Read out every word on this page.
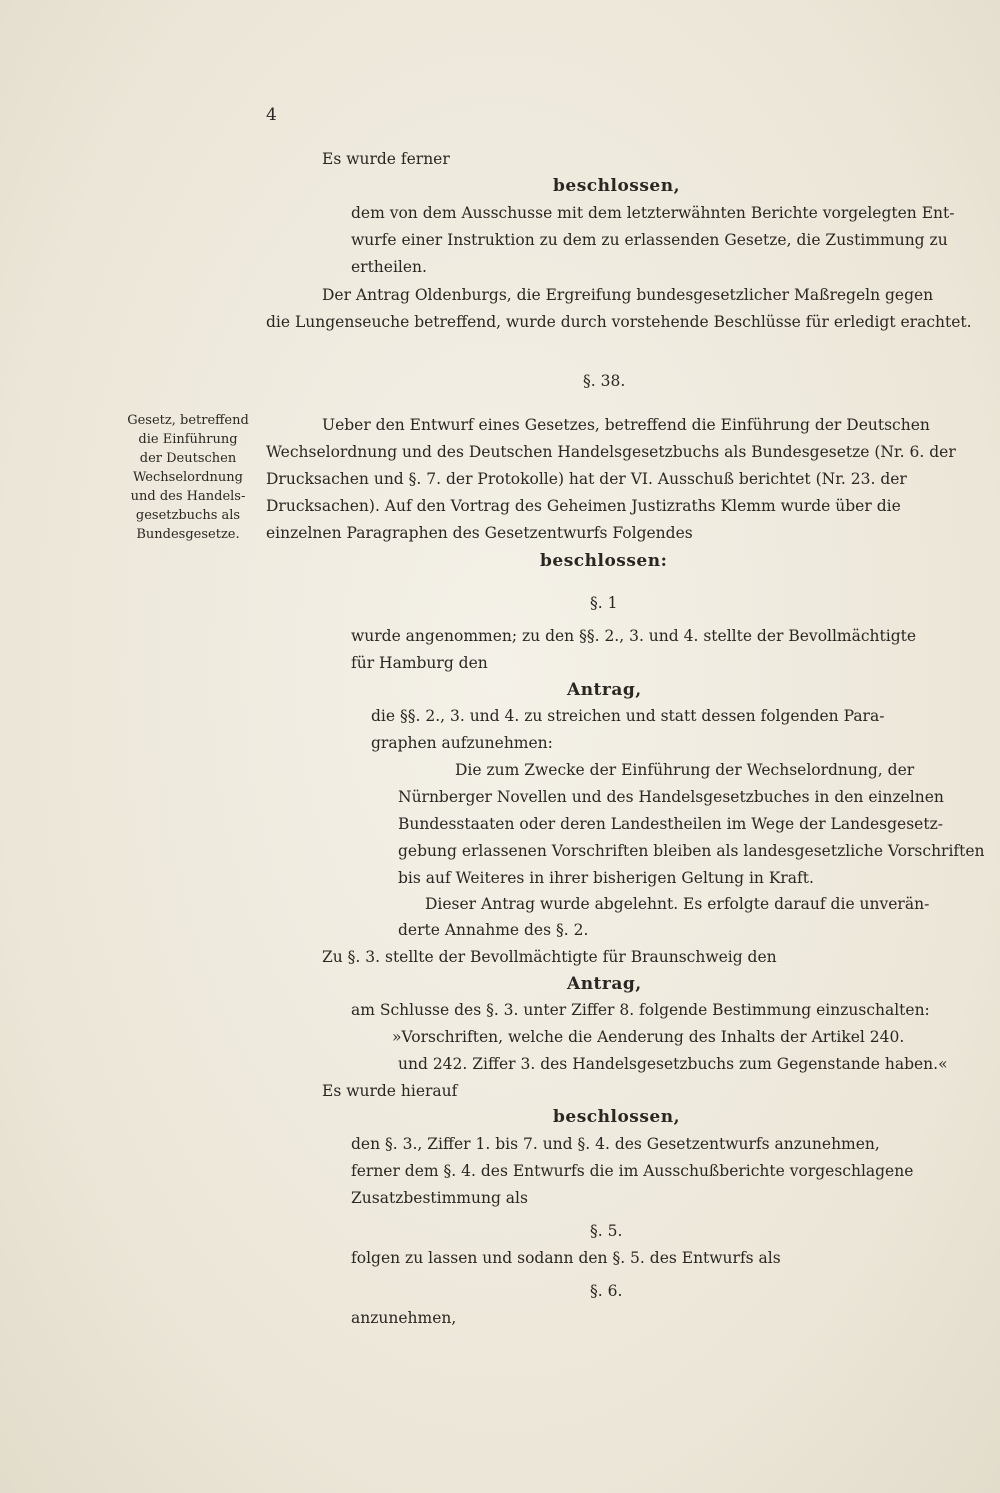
4
Es wurde ferner
beschlossen,
dem von dem Ausschusse mit dem letzterwähnten Berichte vorgelegten Ent-
wurfe einer Instruktion zu dem zu erlassenden Gesetze, die Zustimmung zu
ertheilen.
Der Antrag Oldenburgs, die Ergreifung bundesgesetzlicher Maßregeln gegen
die Lungenseuche betreffend, wurde durch vorstehende Beschlüsse für erledigt erachtet.
§. 38.
Ueber den Entwurf eines Gesetzes, betreffend die Einführung der Deutschen
Wechselordnung und des Deutschen Handelsgesetzbuchs als Bundesgesetze (Nr. 6. der
Drucksachen und §. 7. der Protokolle) hat der VI. Ausschuß berichtet (Nr. 23. der
Drucksachen). Auf den Vortrag des Geheimen Justizraths Klemm wurde über die
einzelnen Paragraphen des Gesetzentwurfs Folgendes
beschlossen:
§. 1
wurde angenommen; zu den §§. 2., 3. und 4. stellte der Bevollmächtigte
für Hamburg den
Antrag,
die §§. 2., 3. und 4. zu streichen und statt dessen folgenden Para-
graphen aufzunehmen:
Die zum Zwecke der Einführung der Wechselordnung, der
Nürnberger Novellen und des Handelsgesetzbuches in den einzelnen
Bundesstaaten oder deren Landestheilen im Wege der Landesgesetz-
gebung erlassenen Vorschriften bleiben als landesgesetzliche Vorschriften
bis auf Weiteres in ihrer bisherigen Geltung in Kraft.
Dieser Antrag wurde abgelehnt. Es erfolgte darauf die unverän-
derte Annahme des §. 2.
Zu §. 3. stellte der Bevollmächtigte für Braunschweig den
Antrag,
am Schlusse des §. 3. unter Ziffer 8. folgende Bestimmung einzuschalten:
»Vorschriften, welche die Aenderung des Inhalts der Artikel 240.
und 242. Ziffer 3. des Handelsgesetzbuchs zum Gegenstande haben.«
Es wurde hierauf
beschlossen,
den §. 3., Ziffer 1. bis 7. und §. 4. des Gesetzentwurfs anzunehmen,
ferner dem §. 4. des Entwurfs die im Ausschußberichte vorgeschlagene
Zusatzbestimmung als
§. 5.
folgen zu lassen und sodann den §. 5. des Entwurfs als
§. 6.
anzunehmen,
Gesetz, betreffend
die Einführung
der Deutschen
Wechselordnung
und des Handels-
gesetzbuchs als
Bundesgesetze.
